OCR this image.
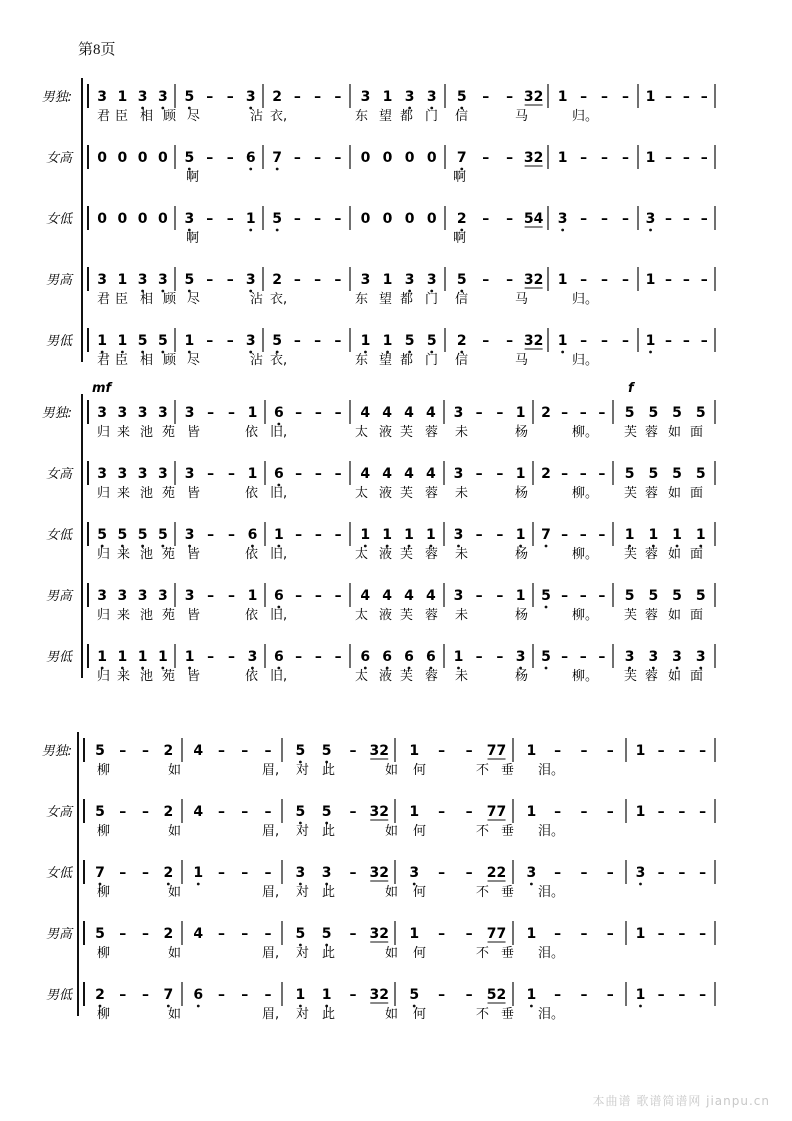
第8页
男独: 3 1 3 3 5 – – 3 2 – – – 3 1 3 3 5 – – 32 1 – – – 1 – – –
君 臣 相 顾 尽	沾 衣,	东 望 都 门 信	马	归。
女高 0 0 0 0 5 – – 6 7 – – – 0 0 0 0 7 – – 32 1 – – – 1 – – –
啊	啊
女低 0 0 0 0 3 – – 1 5 – – – 0 0 0 0 2 – – 54 3 – – – 3 – – –
啊	啊
男高 3 1 3 3 5 – – 3 2 – – – 3 1 3 3 5 – – 32 1 – – – 1 – – –
君 臣 相 顾 尽	沾 衣,	东 望 都 门 信	马	归。
男低 1 1 5 5 1 – – 3 5 – – – 1 1 5 5 2 – – 32 1 – – – 1 – – –
君 臣 相 顾 尽	沾 衣,	东 望 都 门 信	马	归。
mf	f
男独: 3 3 3 3 3 – – 1 6 – – – 4 4 4 4 3 – – 1 2 – – – 5 5 5 5
归 来 池 苑 皆	依 旧,	太 液 芙 蓉 未	杨	柳。 芙 蓉 如 面
女高 3 3 3 3 3 – – 1 6 – – – 4 4 4 4 3 – – 1 2 – – – 5 5 5 5
归 来 池 苑 皆	依 旧,	太 液 芙 蓉 未	杨	柳。 芙 蓉 如 面
女低 5 5 5 5 3 – – 6 1 – – – 1 1 1 1 3 – – 1 7 – – – 1 1 1 1
归 来 池 苑 皆	依 旧,	太 液 芙 蓉 未	杨	柳。 芙 蓉 如 面
男高 3 3 3 3 3 – – 1 6 – – – 4 4 4 4 3 – – 1 5 – – – 5 5 5 5
归 来 池 苑 皆	依 旧,	太 液 芙 蓉 未	杨	柳。 芙 蓉 如 面
男低 1 1 1 1 1 – – 3 6 – – – 6 6 6 6 1 – – 3 5 – – – 3 3 3 3
归 来 池 苑 皆	依 旧,	太 液 芙 蓉 未	杨	柳。 芙 蓉 如 面
男独: 5 – – 2 4 – – – 5 5 – 32 1 – – 77 1 – – – 1 – – –
柳	如	眉, 对 此	如 何	不 垂 泪。
女高 5 – – 2 4 – – – 5 5 – 32 1 – – 77 1 – – – 1 – – –
柳	如	眉, 对 此	如 何	不 垂 泪。
女低 7 – – 2 1 – – – 3 3 – 32 3 – – 22 3 – – – 3 – – –
柳	如	眉, 对 此	如 何	不 垂 泪。
男高 5 – – 2 4 – – – 5 5 – 32 1 – – 77 1 – – – 1 – – –
柳	如	眉, 对 此	如 何	不 垂 泪。
男低 2 – – 7 6 – – – 1 1 – 32 5 – – 52 1 – – – 1 – – –
柳	如	眉, 对 此	如 何	不 垂 泪。
本曲谱 歌谱简谱网 jianpu.cn
